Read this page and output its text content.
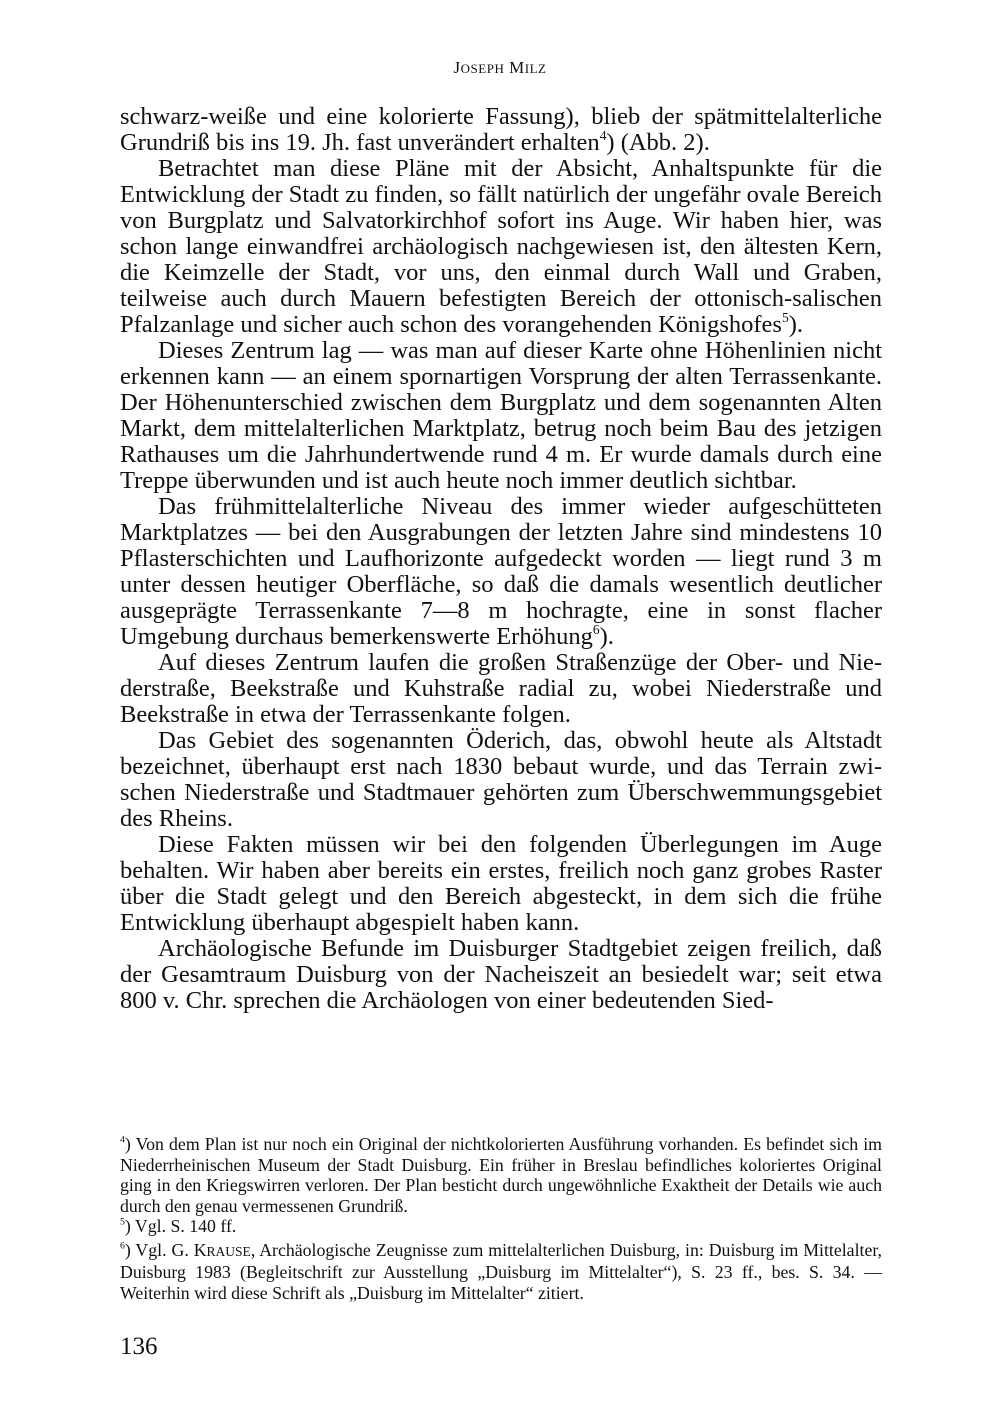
JOSEPH MILZ

schwarz-weiße und eine kolorierte Fassung), blieb der spätmittelalterliche Grundriß bis ins 19. Jh. fast unverändert erhalten$^4$) (Abb. 2).

Betrachtet man diese Pläne mit der Absicht, Anhaltspunkte für die Entwicklung der Stadt zu finden, so fällt natürlich der ungefähr ovale Bereich von Burgplatz und Salvatorkirchhof sofort ins Auge. Wir haben hier, was schon lange einwandfrei archäologisch nachgewiesen ist, den ältesten Kern, die Keimzelle der Stadt, vor uns, den einmal durch Wall und Graben, teilweise auch durch Mauern befestigten Bereich der ottonisch-salischen Pfalzanlage und sicher auch schon des vorangehenden Königshofes$^5$).

Dieses Zentrum lag — was man auf dieser Karte ohne Höhenlinien nicht erkennen kann — an einem spornartigen Vorsprung der alten Terrassenkante. Der Höhenunterschied zwischen dem Burgplatz und dem sogenannten Alten Markt, dem mittelalterlichen Marktplatz, betrug noch beim Bau des jetzigen Rathauses um die Jahrhundertwende rund 4 m. Er wurde damals durch eine Treppe überwunden und ist auch heute noch immer deutlich sichtbar.

Das frühmittelalterliche Niveau des immer wieder aufgeschütteten Marktplatzes — bei den Ausgrabungen der letzten Jahre sind mindestens 10 Pflasterschichten und Laufhorizonte aufgedeckt worden — liegt rund 3 m unter dessen heutiger Oberfläche, so daß die damals wesentlich deutlicher ausgeprägte Terrassenkante 7—8 m hochragte, eine in sonst flacher Umgebung durchaus bemerkenswerte Erhöhung$^6$).

Auf dieses Zentrum laufen die großen Straßenzüge der Ober- und Niederstraße, Beekstraße und Kuhstraße radial zu, wobei Niederstraße und Beekstraße in etwa der Terrassenkante folgen.

Das Gebiet des sogenannten Öderich, das, obwohl heute als Altstadt bezeichnet, überhaupt erst nach 1830 bebaut wurde, und das Terrain zwischen Niederstraße und Stadtmauer gehörten zum Überschwemmungsgebiet des Rheins.

Diese Fakten müssen wir bei den folgenden Überlegungen im Auge behalten. Wir haben aber bereits ein erstes, freilich noch ganz grobes Raster über die Stadt gelegt und den Bereich abgesteckt, in dem sich die frühe Entwicklung überhaupt abgespielt haben kann.

Archäologische Befunde im Duisburger Stadtgebiet zeigen freilich, daß der Gesamtraum Duisburg von der Nacheiszeit an besiedelt war; seit etwa 800 v. Chr. sprechen die Archäologen von einer bedeutenden Sied-

$^4$) Von dem Plan ist nur noch ein Original der nichtkolorierten Ausführung vorhanden. Es befindet sich im Niederrheinischen Museum der Stadt Duisburg. Ein früher in Breslau befindliches koloriertes Original ging in den Kriegswirren verloren. Der Plan besticht durch ungewöhnliche Exaktheit der Details wie auch durch den genau vermessenen Grundriß.

$^5$) Vgl. S. 140 ff.

$^6$) Vgl. G. KRAUSE, Archäologische Zeugnisse zum mittelalterlichen Duisburg, in: Duisburg im Mittelalter, Duisburg 1983 (Begleitschrift zur Ausstellung „Duisburg im Mittelalter“), S. 23 ff., bes. S. 34. — Weiterhin wird diese Schrift als „Duisburg im Mittelalter“ zitiert.

136
